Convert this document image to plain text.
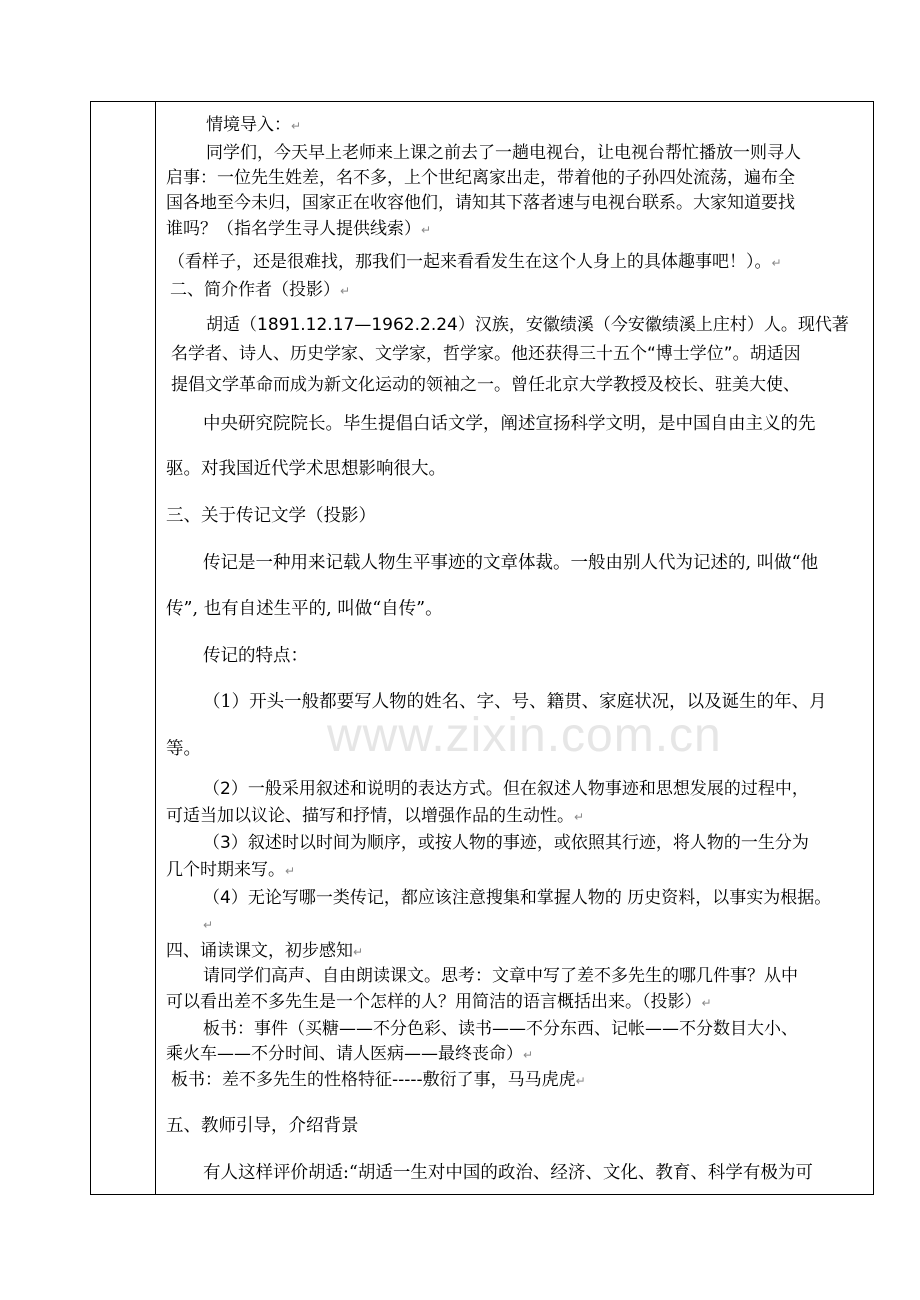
www.zixin.com.cn
情境导入：↵
同学们，今天早上老师来上课之前去了一趟电视台，让电视台帮忙播放一则寻人
启事：一位先生姓差，名不多，上个世纪离家出走，带着他的子孙四处流荡，遍布全
国各地至今未归，国家正在收容他们，请知其下落者速与电视台联系。大家知道要找
谁吗？（指名学生寻人提供线索）↵
（看样子，还是很难找，那我们一起来看看发生在这个人身上的具体趣事吧！）。↵
二、简介作者（投影）↵
胡适（1891.12.17—1962.2.24）汉族，安徽绩溪（今安徽绩溪上庄村）人。现代著
名学者、诗人、历史学家、文学家，哲学家。他还获得三十五个“博士学位”。胡适因
提倡文学革命而成为新文化运动的领袖之一。曾任北京大学教授及校长、驻美大使、
中央研究院院长。毕生提倡白话文学，阐述宣扬科学文明，是中国自由主义的先
驱。对我国近代学术思想影响很大。
三、关于传记文学（投影）
传记是一种用来记载人物生平事迹的文章体裁。一般由别人代为记述的, 叫做“他
传”, 也有自述生平的, 叫做“自传”。
传记的特点：
（1）开头一般都要写人物的姓名、字、号、籍贯、家庭状况，以及诞生的年、月
等。
（2）一般采用叙述和说明的表达方式。但在叙述人物事迹和思想发展的过程中，
可适当加以议论、描写和抒情，以增强作品的生动性。↵
（3）叙述时以时间为顺序，或按人物的事迹，或依照其行迹，将人物的一生分为
几个时期来写。↵
（4）无论写哪一类传记，都应该注意搜集和掌握人物的 历史资料，以事实为根据。
↵
四、诵读课文，初步感知↵
请同学们高声、自由朗读课文。思考：文章中写了差不多先生的哪几件事？从中
可以看出差不多先生是一个怎样的人？用简洁的语言概括出来。（投影）↵
板书：事件（买糖——不分色彩、读书——不分东西、记帐——不分数目大小、
乘火车——不分时间、请人医病——最终丧命）↵
板书：差不多先生的性格特征-----敷衍了事，马马虎虎↵
五、教师引导，介绍背景
有人这样评价胡适:“胡适一生对中国的政治、经济、文化、教育、科学有极为可
